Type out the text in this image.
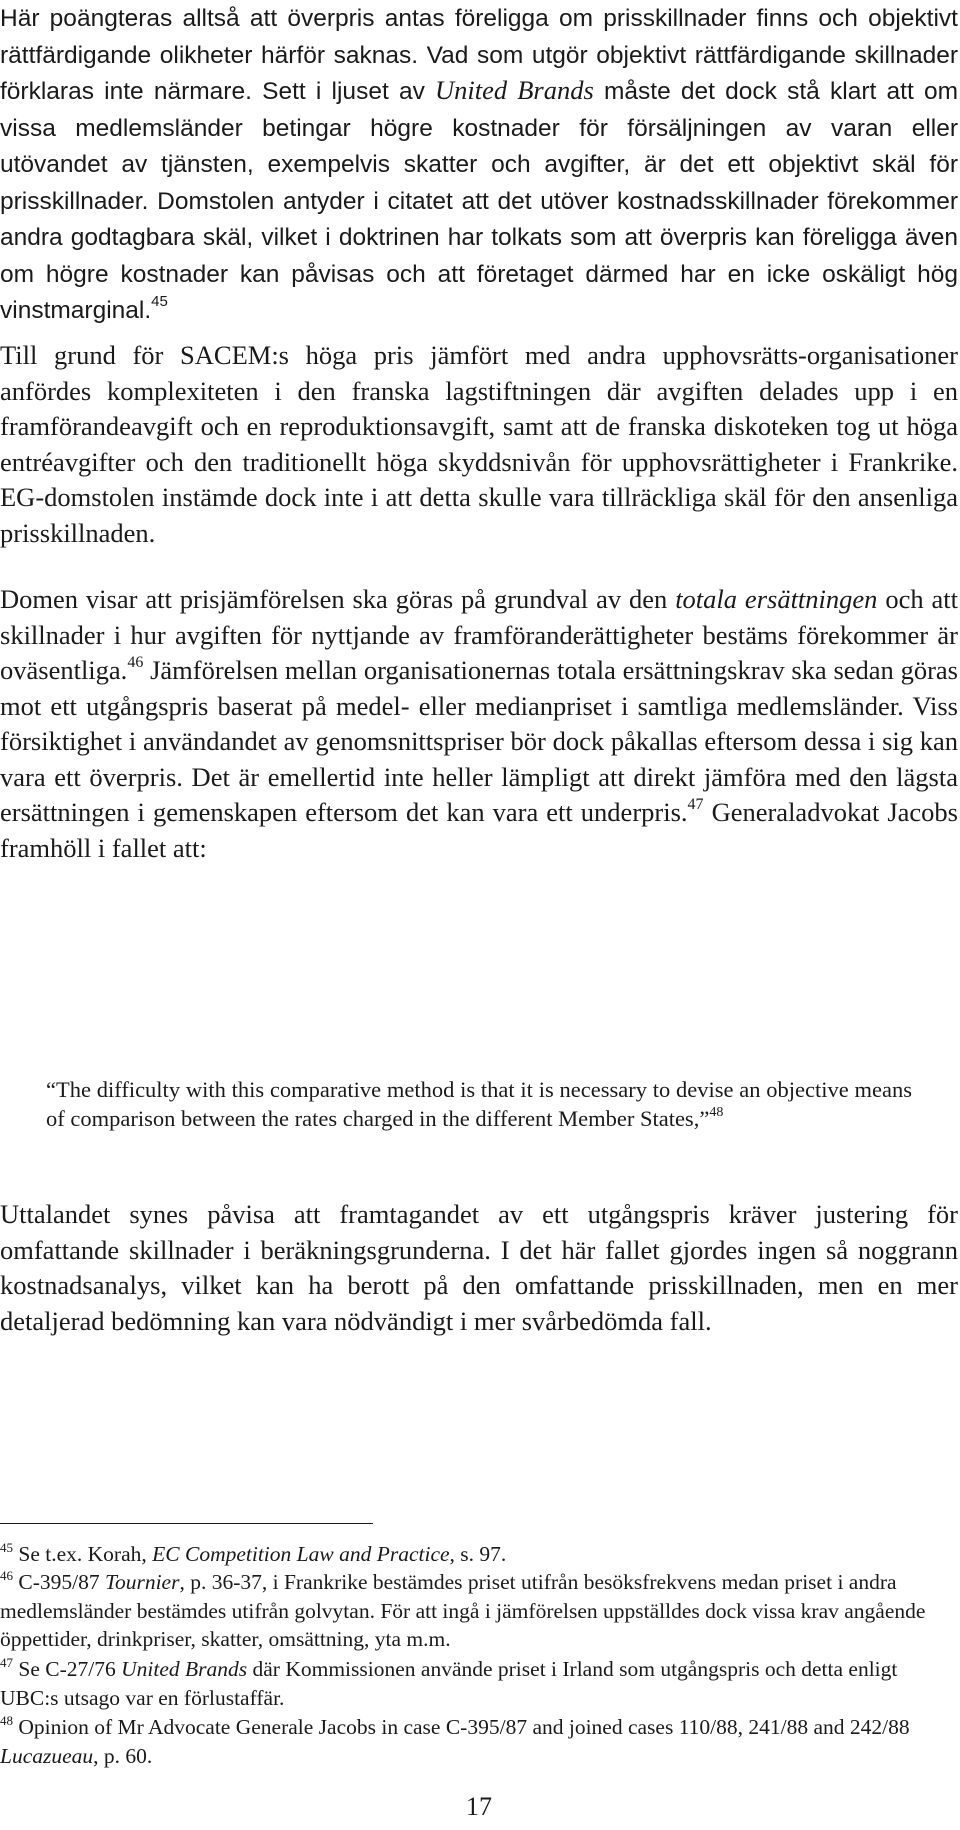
Här poängteras alltså att överpris antas föreligga om prisskillnader finns och objektivt rättfärdigande olikheter härför saknas. Vad som utgör objektivt rättfärdigande skillnader förklaras inte närmare. Sett i ljuset av United Brands måste det dock stå klart att om vissa medlemsländer betingar högre kostnader för försäljningen av varan eller utövandet av tjänsten, exempelvis skatter och avgifter, är det ett objektivt skäl för prisskillnader. Domstolen antyder i citatet att det utöver kostnadsskillnader förekommer andra godtagbara skäl, vilket i doktrinen har tolkats som att överpris kan föreligga även om högre kostnader kan påvisas och att företaget därmed har en icke oskäligt hög vinstmarginal.$^{45}$

Till grund för SACEM:s höga pris jämfört med andra upphovsrätts-organisationer anfördes komplexiteten i den franska lagstiftningen där avgiften delades upp i en framförandeavgift och en reproduktionsavgift, samt att de franska diskoteken tog ut höga entréavgifter och den traditionellt höga skyddsnivån för upphovsrättigheter i Frankrike. EG-domstolen instämde dock inte i att detta skulle vara tillräckliga skäl för den ansenliga prisskillnaden.

Domen visar att prisjämförelsen ska göras på grundval av den totala ersättningen och att skillnader i hur avgiften för nyttjande av framföranderättigheter bestäms förekommer är oväsentliga.$^{46}$ Jämförelsen mellan organisationernas totala ersättningskrav ska sedan göras mot ett utgångspris baserat på medel- eller medianpriset i samtliga medlemsländer. Viss försiktighet i användandet av genomsnittspriser bör dock påkallas eftersom dessa i sig kan vara ett överpris. Det är emellertid inte heller lämpligt att direkt jämföra med den lägsta ersättningen i gemenskapen eftersom det kan vara ett underpris.$^{47}$ Generaladvokat Jacobs framhöll i fallet att:

“The difficulty with this comparative method is that it is necessary to devise an objective means of comparison between the rates charged in the different Member States,”$^{48}$

Uttalandet synes påvisa att framtagandet av ett utgångspris kräver justering för omfattande skillnader i beräkningsgrunderna. I det här fallet gjordes ingen så noggrann kostnadsanalys, vilket kan ha berott på den omfattande prisskillnaden, men en mer detaljerad bedömning kan vara nödvändigt i mer svårbedömda fall.

$^{45}$ Se t.ex. Korah, EC Competition Law and Practice, s. 97.

$^{46}$ C-395/87 Tournier, p. 36-37, i Frankrike bestämdes priset utifrån besöksfrekvens medan priset i andra medlemsländer bestämdes utifrån golvytan. För att ingå i jämförelsen uppställdes dock vissa krav angående öppettider, drinkpriser, skatter, omsättning, yta m.m.

$^{47}$ Se C-27/76 United Brands där Kommissionen använde priset i Irland som utgångspris och detta enligt UBC:s utsago var en förlustaffär.

$^{48}$ Opinion of Mr Advocate Generale Jacobs in case C-395/87 and joined cases 110/88, 241/88 and 242/88 Lucazueau, p. 60.

17
